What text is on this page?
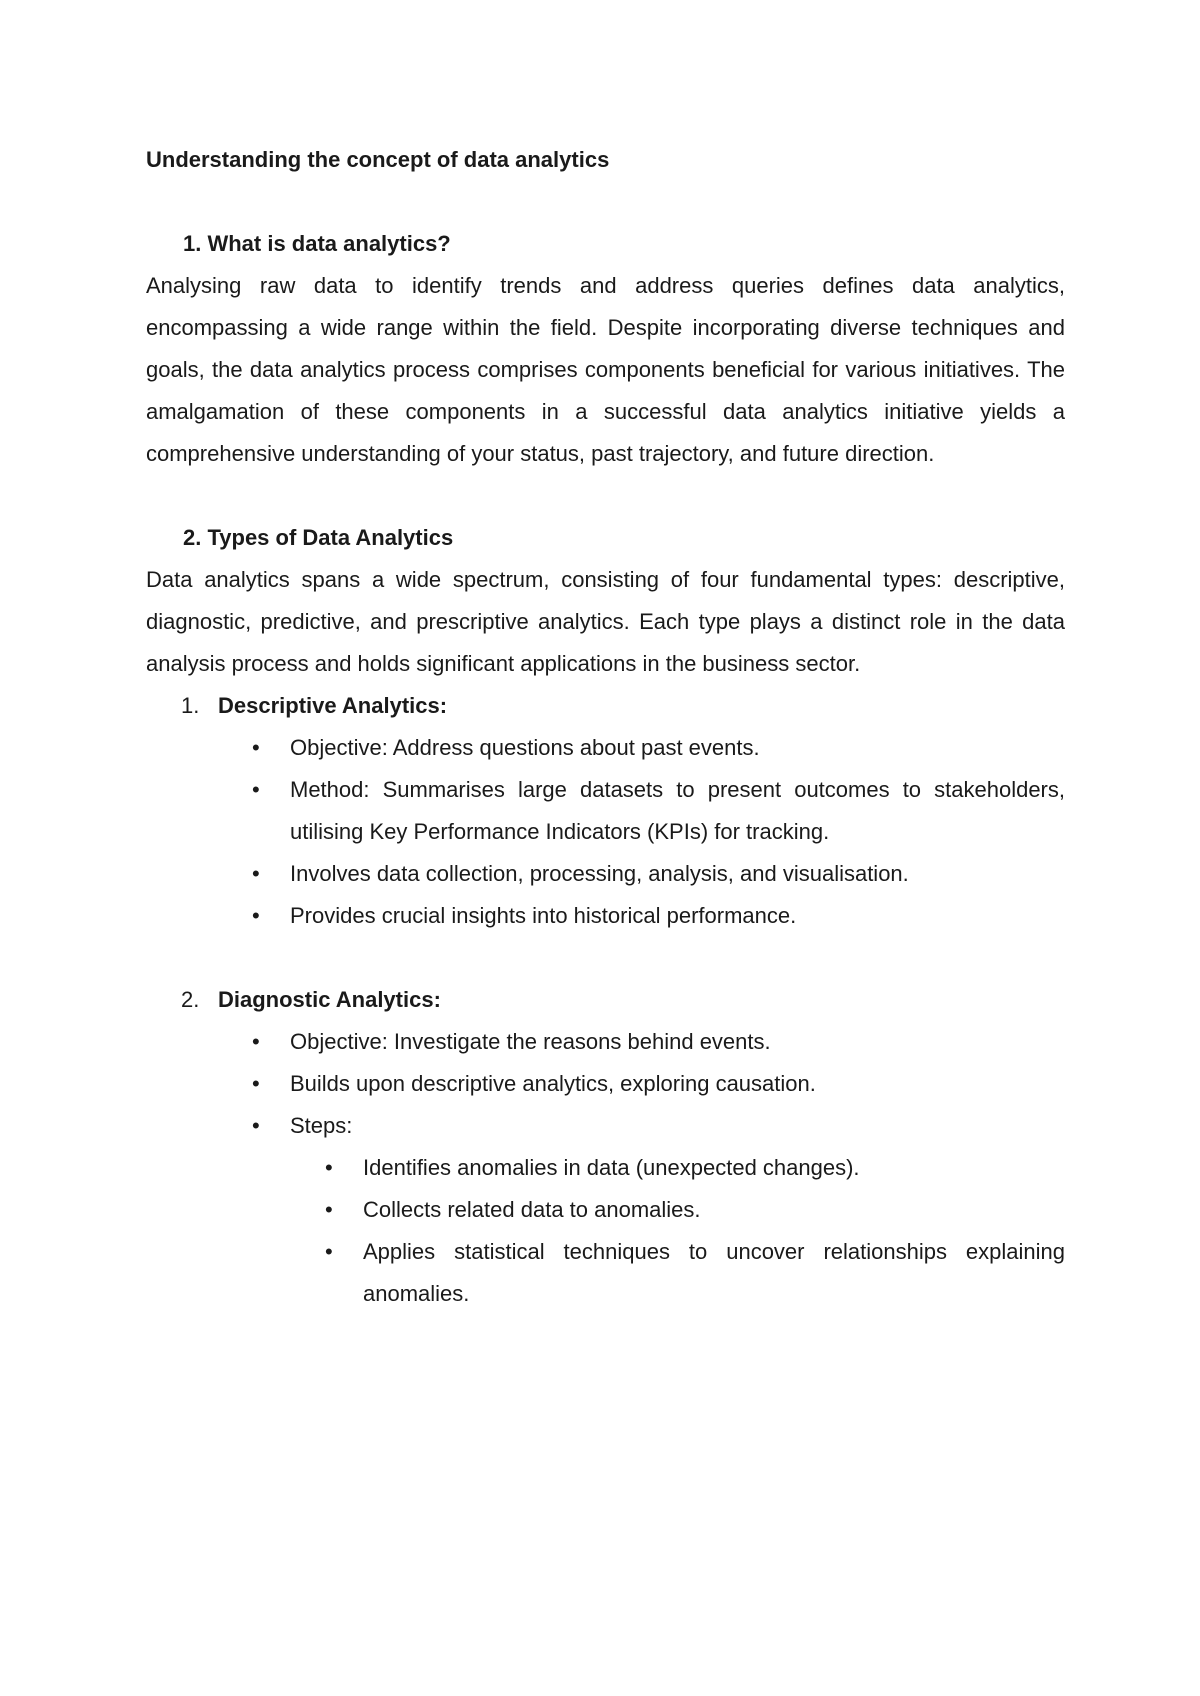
Understanding the concept of data analytics

1. What is data analytics?

Analysing raw data to identify trends and address queries defines data analytics, encompassing a wide range within the field. Despite incorporating diverse techniques and goals, the data analytics process comprises components beneficial for various initiatives. The amalgamation of these components in a successful data analytics initiative yields a comprehensive understanding of your status, past trajectory, and future direction.

2. Types of Data Analytics

Data analytics spans a wide spectrum, consisting of four fundamental types: descriptive, diagnostic, predictive, and prescriptive analytics. Each type plays a distinct role in the data analysis process and holds significant applications in the business sector.

1. Descriptive Analytics:

• Objective: Address questions about past events.

• Method: Summarises large datasets to present outcomes to stakeholders, utilising Key Performance Indicators (KPIs) for tracking.

• Involves data collection, processing, analysis, and visualisation.

• Provides crucial insights into historical performance.

2. Diagnostic Analytics:

• Objective: Investigate the reasons behind events.

• Builds upon descriptive analytics, exploring causation.

• Steps:

• Identifies anomalies in data (unexpected changes).

• Collects related data to anomalies.

• Applies statistical techniques to uncover relationships explaining anomalies.
